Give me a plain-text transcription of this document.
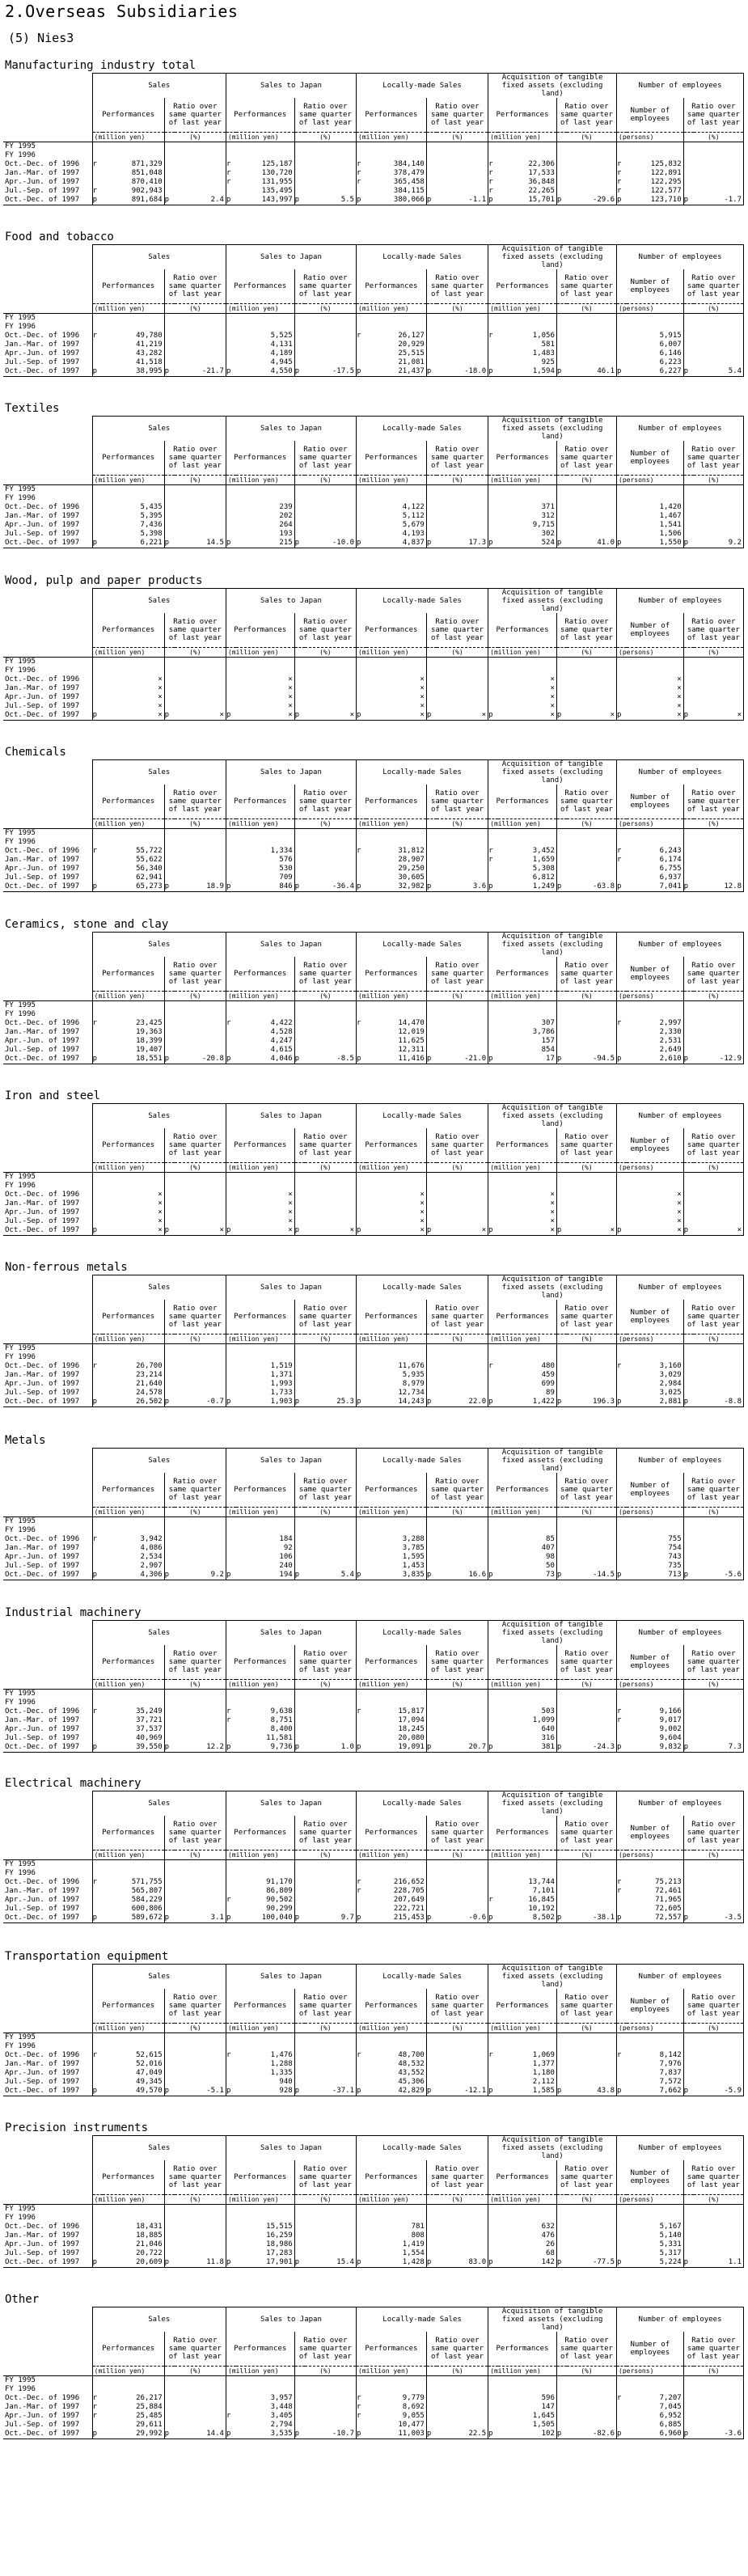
2.Overseas Subsidiaries
(5) Nies3
Manufacturing industry total
	Sales				Sales to Japan				Locally-made Sales				Acquisition of tangible fixed assets (excluding land)				Number of employees			
	Performances		Ratio over same quarter of last year		Performances		Ratio over same quarter of last year		Performances		Ratio over same quarter of last year		Performances		Ratio over same quarter of last year		Number of employees		Ratio over same quarter of last year	
	(million yen)		(%)		(million yen)		(%)		(million yen)		(%)		(million yen)		(%)		(persons)		(%)	
FY 1995																				
FY 1996																				
Oct.-Dec. of 1996	r	871,329			r	125,187			r	384,140			r	22,306			r	125,832		
Jan.-Mar. of 1997		851,048			r	130,720			r	378,479			r	17,533			r	122,891		
Apr.-Jun. of 1997		870,410			r	131,955			r	365,458			r	36,848			r	122,295		
Jul.-Sep. of 1997	r	902,943				135,495				384,115			r	22,265			r	122,577		
Oct.-Dec. of 1997	p	891,684	p	2.4	p	143,997	p	5.5	p	380,066	p	-1.1	p	15,701	p	-29.6	p	123,710	p	-1.7
Food and tobacco
	Sales				Sales to Japan				Locally-made Sales				Acquisition of tangible fixed assets (excluding land)				Number of employees			
	Performances		Ratio over same quarter of last year		Performances		Ratio over same quarter of last year		Performances		Ratio over same quarter of last year		Performances		Ratio over same quarter of last year		Number of employees		Ratio over same quarter of last year	
	(million yen)		(%)		(million yen)		(%)		(million yen)		(%)		(million yen)		(%)		(persons)		(%)	
FY 1995																				
FY 1996																				
Oct.-Dec. of 1996	r	49,780				5,525			r	26,127			r	1,056				5,915		
Jan.-Mar. of 1997		41,219				4,131				20,929				581				6,007		
Apr.-Jun. of 1997		43,282				4,189				25,515				1,483				6,146		
Jul.-Sep. of 1997		41,518				4,945				21,081				925				6,223		
Oct.-Dec. of 1997	p	38,995	p	-21.7	p	4,550	p	-17.5	p	21,437	p	-18.0	p	1,594	p	46.1	p	6,227	p	5.4
Textiles
	Sales				Sales to Japan				Locally-made Sales				Acquisition of tangible fixed assets (excluding land)				Number of employees			
	Performances		Ratio over same quarter of last year		Performances		Ratio over same quarter of last year		Performances		Ratio over same quarter of last year		Performances		Ratio over same quarter of last year		Number of employees		Ratio over same quarter of last year	
	(million yen)		(%)		(million yen)		(%)		(million yen)		(%)		(million yen)		(%)		(persons)		(%)	
FY 1995																				
FY 1996																				
Oct.-Dec. of 1996		5,435				239				4,122				371				1,420		
Jan.-Mar. of 1997		5,395				202				5,112				312				1,467		
Apr.-Jun. of 1997		7,436				264				5,679				9,715				1,541		
Jul.-Sep. of 1997		5,398				193				4,193				302				1,506		
Oct.-Dec. of 1997	p	6,221	p	14.5	p	215	p	-10.0	p	4,837	p	17.3	p	524	p	41.0	p	1,550	p	9.2
Wood, pulp and paper products
	Sales				Sales to Japan				Locally-made Sales				Acquisition of tangible fixed assets (excluding land)				Number of employees			
	Performances		Ratio over same quarter of last year		Performances		Ratio over same quarter of last year		Performances		Ratio over same quarter of last year		Performances		Ratio over same quarter of last year		Number of employees		Ratio over same quarter of last year	
	(million yen)		(%)		(million yen)		(%)		(million yen)		(%)		(million yen)		(%)		(persons)		(%)	
FY 1995																				
FY 1996																				
Oct.-Dec. of 1996		×				×				×				×				×		
Jan.-Mar. of 1997		×				×				×				×				×		
Apr.-Jun. of 1997		×				×				×				×				×		
Jul.-Sep. of 1997		×				×				×				×				×		
Oct.-Dec. of 1997	p	×	p	×	p	×	p	×	p	×	p	×	p	×	p	×	p	×	p	×
Chemicals
	Sales				Sales to Japan				Locally-made Sales				Acquisition of tangible fixed assets (excluding land)				Number of employees			
	Performances		Ratio over same quarter of last year		Performances		Ratio over same quarter of last year		Performances		Ratio over same quarter of last year		Performances		Ratio over same quarter of last year		Number of employees		Ratio over same quarter of last year	
	(million yen)		(%)		(million yen)		(%)		(million yen)		(%)		(million yen)		(%)		(persons)		(%)	
FY 1995																				
FY 1996																				
Oct.-Dec. of 1996	r	55,722				1,334			r	31,812			r	3,452			r	6,243		
Jan.-Mar. of 1997		55,622				576				28,907			r	1,659			r	6,174		
Apr.-Jun. of 1997		56,340				530				29,250				5,308				6,755		
Jul.-Sep. of 1997		62,941				709				30,605				6,812				6,937		
Oct.-Dec. of 1997	p	65,273	p	18.9	p	846	p	-36.4	p	32,982	p	3.6	p	1,249	p	-63.8	p	7,041	p	12.8
Ceramics, stone and clay
	Sales				Sales to Japan				Locally-made Sales				Acquisition of tangible fixed assets (excluding land)				Number of employees			
	Performances		Ratio over same quarter of last year		Performances		Ratio over same quarter of last year		Performances		Ratio over same quarter of last year		Performances		Ratio over same quarter of last year		Number of employees		Ratio over same quarter of last year	
	(million yen)		(%)		(million yen)		(%)		(million yen)		(%)		(million yen)		(%)		(persons)		(%)	
FY 1995																				
FY 1996																				
Oct.-Dec. of 1996	r	23,425			r	4,422			r	14,470				307			r	2,997		
Jan.-Mar. of 1997		19,363				4,528				12,019				3,786				2,330		
Apr.-Jun. of 1997		18,399				4,247				11,625				157				2,531		
Jul.-Sep. of 1997		19,407				4,615				12,311				854				2,649		
Oct.-Dec. of 1997	p	18,551	p	-20.8	p	4,046	p	-8.5	p	11,416	p	-21.0	p	17	p	-94.5	p	2,610	p	-12.9
Iron and steel
	Sales				Sales to Japan				Locally-made Sales				Acquisition of tangible fixed assets (excluding land)				Number of employees			
	Performances		Ratio over same quarter of last year		Performances		Ratio over same quarter of last year		Performances		Ratio over same quarter of last year		Performances		Ratio over same quarter of last year		Number of employees		Ratio over same quarter of last year	
	(million yen)		(%)		(million yen)		(%)		(million yen)		(%)		(million yen)		(%)		(persons)		(%)	
FY 1995																				
FY 1996																				
Oct.-Dec. of 1996		×				×				×				×				×		
Jan.-Mar. of 1997		×				×				×				×				×		
Apr.-Jun. of 1997		×				×				×				×				×		
Jul.-Sep. of 1997		×				×				×				×				×		
Oct.-Dec. of 1997	p	×	p	×	p	×	p	×	p	×	p	×	p	×	p	×	p	×	p	×
Non-ferrous metals
	Sales				Sales to Japan				Locally-made Sales				Acquisition of tangible fixed assets (excluding land)				Number of employees			
	Performances		Ratio over same quarter of last year		Performances		Ratio over same quarter of last year		Performances		Ratio over same quarter of last year		Performances		Ratio over same quarter of last year		Number of employees		Ratio over same quarter of last year	
	(million yen)		(%)		(million yen)		(%)		(million yen)		(%)		(million yen)		(%)		(persons)		(%)	
FY 1995																				
FY 1996																				
Oct.-Dec. of 1996	r	26,700				1,519				11,676			r	480			r	3,160		
Jan.-Mar. of 1997		23,214				1,371				5,935				459				3,029		
Apr.-Jun. of 1997		21,640				1,993				8,979				699				2,984		
Jul.-Sep. of 1997		24,578				1,733				12,734				89				3,025		
Oct.-Dec. of 1997	p	26,502	p	-0.7	p	1,903	p	25.3	p	14,243	p	22.0	p	1,422	p	196.3	p	2,881	p	-8.8
Metals
	Sales				Sales to Japan				Locally-made Sales				Acquisition of tangible fixed assets (excluding land)				Number of employees			
	Performances		Ratio over same quarter of last year		Performances		Ratio over same quarter of last year		Performances		Ratio over same quarter of last year		Performances		Ratio over same quarter of last year		Number of employees		Ratio over same quarter of last year	
	(million yen)		(%)		(million yen)		(%)		(million yen)		(%)		(million yen)		(%)		(persons)		(%)	
FY 1995																				
FY 1996																				
Oct.-Dec. of 1996	r	3,942				184				3,288				85				755		
Jan.-Mar. of 1997		4,086				92				3,785				407				754		
Apr.-Jun. of 1997		2,534				106				1,595				98				743		
Jul.-Sep. of 1997		2,907				240				1,453				50				735		
Oct.-Dec. of 1997	p	4,306	p	9.2	p	194	p	5.4	p	3,835	p	16.6	p	73	p	-14.5	p	713	p	-5.6
Industrial machinery
	Sales				Sales to Japan				Locally-made Sales				Acquisition of tangible fixed assets (excluding land)				Number of employees			
	Performances		Ratio over same quarter of last year		Performances		Ratio over same quarter of last year		Performances		Ratio over same quarter of last year		Performances		Ratio over same quarter of last year		Number of employees		Ratio over same quarter of last year	
	(million yen)		(%)		(million yen)		(%)		(million yen)		(%)		(million yen)		(%)		(persons)		(%)	
FY 1995																				
FY 1996																				
Oct.-Dec. of 1996	r	35,249			r	9,638			r	15,817				503			r	9,166		
Jan.-Mar. of 1997		37,721			r	8,751				17,094				1,099			r	9,017		
Apr.-Jun. of 1997		37,537				8,400				18,245				640				9,002		
Jul.-Sep. of 1997		40,969				11,581				20,080				316				9,604		
Oct.-Dec. of 1997	p	39,550	p	12.2	p	9,736	p	1.0	p	19,091	p	20.7	p	381	p	-24.3	p	9,832	p	7.3
Electrical machinery
	Sales				Sales to Japan				Locally-made Sales				Acquisition of tangible fixed assets (excluding land)				Number of employees			
	Performances		Ratio over same quarter of last year		Performances		Ratio over same quarter of last year		Performances		Ratio over same quarter of last year		Performances		Ratio over same quarter of last year		Number of employees		Ratio over same quarter of last year	
	(million yen)		(%)		(million yen)		(%)		(million yen)		(%)		(million yen)		(%)		(persons)		(%)	
FY 1995																				
FY 1996																				
Oct.-Dec. of 1996	r	571,755				91,170			r	216,652				13,744			r	75,213		
Jan.-Mar. of 1997		565,807				86,809			r	228,705				7,101			r	72,461		
Apr.-Jun. of 1997		584,229			r	90,502				207,649			r	16,845				71,965		
Jul.-Sep. of 1997		600,806				90,299				222,721				10,192				72,605		
Oct.-Dec. of 1997	p	589,672	p	3.1	p	100,040	p	9.7	p	215,453	p	-0.6	p	8,502	p	-38.1	p	72,557	p	-3.5
Transportation equipment
	Sales				Sales to Japan				Locally-made Sales				Acquisition of tangible fixed assets (excluding land)				Number of employees			
	Performances		Ratio over same quarter of last year		Performances		Ratio over same quarter of last year		Performances		Ratio over same quarter of last year		Performances		Ratio over same quarter of last year		Number of employees		Ratio over same quarter of last year	
	(million yen)		(%)		(million yen)		(%)		(million yen)		(%)		(million yen)		(%)		(persons)		(%)	
FY 1995																				
FY 1996																				
Oct.-Dec. of 1996	r	52,615			r	1,476			r	48,700			r	1,069			r	8,142		
Jan.-Mar. of 1997		52,016				1,288				48,532				1,377				7,976		
Apr.-Jun. of 1997		47,049				1,335				43,552				1,180				7,837		
Jul.-Sep. of 1997		49,345				940				45,306				2,112				7,572		
Oct.-Dec. of 1997	p	49,570	p	-5.1	p	928	p	-37.1	p	42,829	p	-12.1	p	1,585	p	43.8	p	7,662	p	-5.9
Precision instruments
	Sales				Sales to Japan				Locally-made Sales				Acquisition of tangible fixed assets (excluding land)				Number of employees			
	Performances		Ratio over same quarter of last year		Performances		Ratio over same quarter of last year		Performances		Ratio over same quarter of last year		Performances		Ratio over same quarter of last year		Number of employees		Ratio over same quarter of last year	
	(million yen)		(%)		(million yen)		(%)		(million yen)		(%)		(million yen)		(%)		(persons)		(%)	
FY 1995																				
FY 1996																				
Oct.-Dec. of 1996		18,431				15,515				781				632				5,167		
Jan.-Mar. of 1997		18,885				16,259				808				476				5,140		
Apr.-Jun. of 1997		21,046				18,986				1,419				26				5,331		
Jul.-Sep. of 1997		20,722				17,283				1,554				68				5,317		
Oct.-Dec. of 1997	p	20,609	p	11.8	p	17,901	p	15.4	p	1,428	p	83.0	p	142	p	-77.5	p	5,224	p	1.1
Other
	Sales				Sales to Japan				Locally-made Sales				Acquisition of tangible fixed assets (excluding land)				Number of employees			
	Performances		Ratio over same quarter of last year		Performances		Ratio over same quarter of last year		Performances		Ratio over same quarter of last year		Performances		Ratio over same quarter of last year		Number of employees		Ratio over same quarter of last year	
	(million yen)		(%)		(million yen)		(%)		(million yen)		(%)		(million yen)		(%)		(persons)		(%)	
FY 1995																				
FY 1996																				
Oct.-Dec. of 1996	r	26,217				3,957			r	9,779				596			r	7,207		
Jan.-Mar. of 1997	r	25,884				3,448			r	8,692				147				7,045		
Apr.-Jun. of 1997	r	25,485			r	3,405			r	9,055				1,645				6,952		
Jul.-Sep. of 1997		29,611				2,794				10,477				1,505				6,885		
Oct.-Dec. of 1997	p	29,992	p	14.4	p	3,535	p	-10.7	p	11,003	p	22.5	p	102	p	-82.6	p	6,960	p	-3.6
